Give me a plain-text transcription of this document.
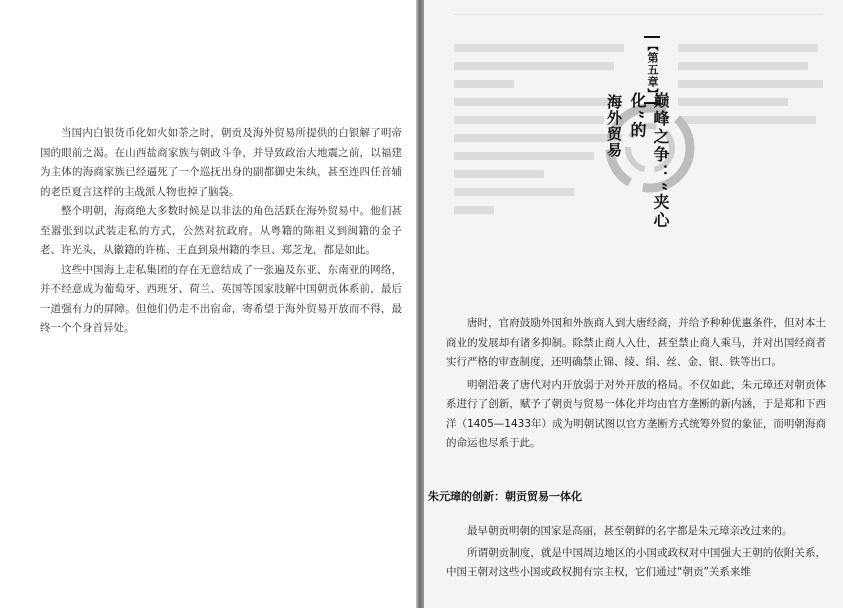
当国内白银货币化如火如荼之时，朝贡及海外贸易所提供的白银解了明帝国的眼前之渴。在山西盐商家族与朝政斗争，并导致政治大地震之前，以福建为主体的海商家族已经逼死了一个巡抚出身的副都御史朱纨，甚至连四任首辅的老臣夏言这样的主战派人物也掉了脑袋。

整个明朝，海商绝大多数时候是以非法的角色活跃在海外贸易中。他们甚至嚣张到以武装走私的方式，公然对抗政府。从粤籍的陈祖义到闽籍的金子老、许光头，从徽籍的许栋、王直到泉州籍的李旦、郑芝龙，都是如此。

这些中国海上走私集团的存在无意结成了一张遍及东亚、东南亚的网络，并不经意成为葡萄牙、西班牙、荷兰、英国等国家肢解中国朝贡体系前，最后一道强有力的屏障。但他们仍走不出宿命，寄希望于海外贸易开放而不得，最终一个个身首异处。

【第五章】
巅峰之争：“夹心化”的
海外贸易

唐时，官府鼓励外国和外族商人到大唐经商，并给予种种优惠条件，但对本土商业的发展却有诸多抑制。除禁止商人入仕，甚至禁止商人乘马，并对出国经商者实行严格的审查制度，还明确禁止锦、绫、绢、丝、金、银、铁等出口。

明朝沿袭了唐代对内开放弱于对外开放的格局。不仅如此，朱元璋还对朝贡体系进行了创新，赋予了朝贡与贸易一体化并均由官方垄断的新内涵，于是郑和下西洋（1405—1433年）成为明朝试图以官方垄断方式统筹外贸的象征，而明朝海商的命运也尽系于此。

朱元璋的创新：朝贡贸易一体化

最早朝贡明朝的国家是高丽，甚至朝鲜的名字都是朱元璋亲改过来的。

所谓朝贡制度，就是中国周边地区的小国或政权对中国强大王朝的依附关系，中国王朝对这些小国或政权拥有宗主权，它们通过“朝贡”关系来维
